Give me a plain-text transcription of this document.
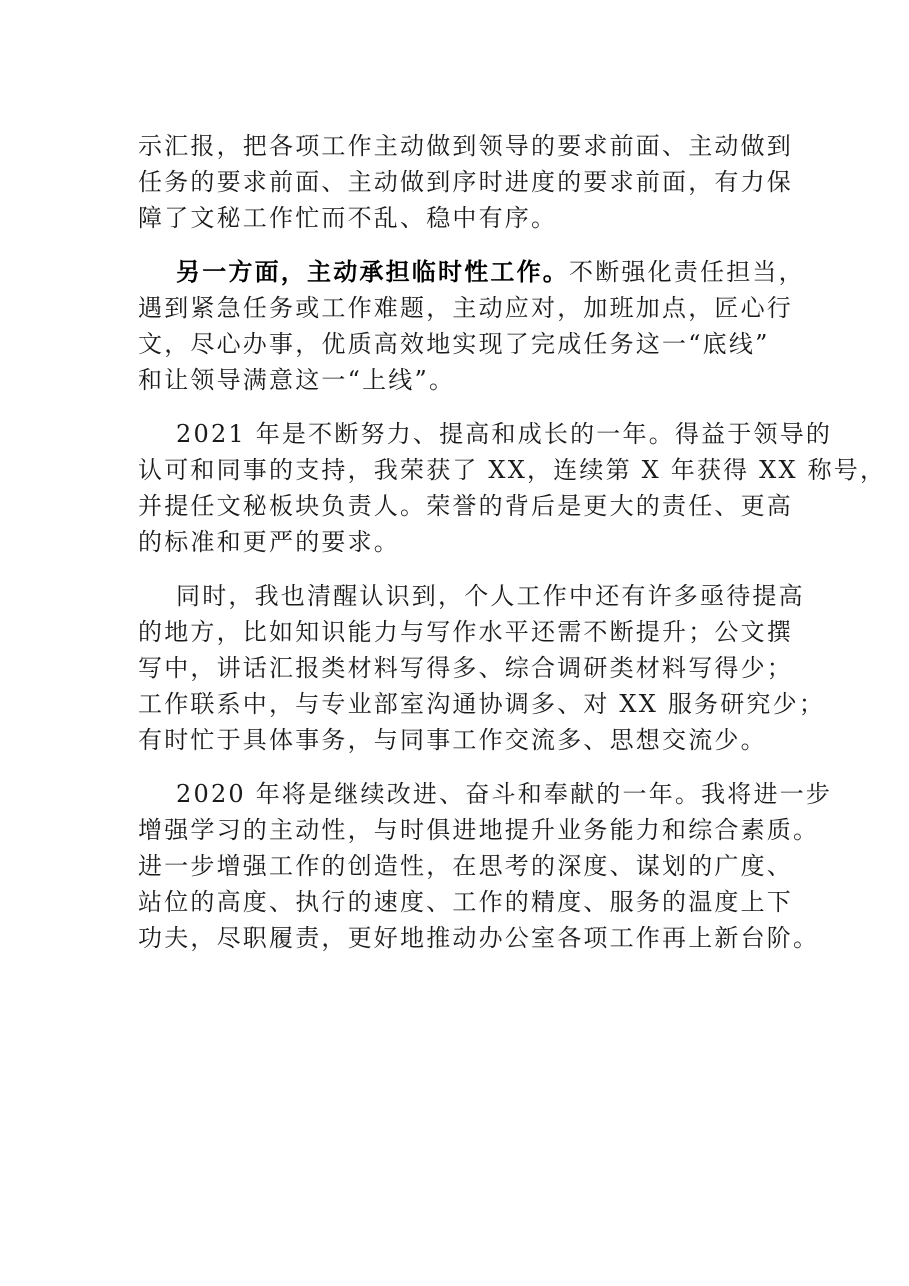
示汇报，把各项工作主动做到领导的要求前面、主动做到
任务的要求前面、主动做到序时进度的要求前面，有力保
障了文秘工作忙而不乱、稳中有序。

另一方面，主动承担临时性工作。不断强化责任担当，
遇到紧急任务或工作难题，主动应对，加班加点，匠心行
文，尽心办事，优质高效地实现了完成任务这一“底线”
和让领导满意这一“上线”。

2021 年是不断努力、提高和成长的一年。得益于领导的
认可和同事的支持，我荣获了 XX，连续第 X 年获得 XX 称号，
并提任文秘板块负责人。荣誉的背后是更大的责任、更高
的标准和更严的要求。

同时，我也清醒认识到，个人工作中还有许多亟待提高
的地方，比如知识能力与写作水平还需不断提升；公文撰
写中，讲话汇报类材料写得多、综合调研类材料写得少；
工作联系中，与专业部室沟通协调多、对 XX 服务研究少；
有时忙于具体事务，与同事工作交流多、思想交流少。

2020 年将是继续改进、奋斗和奉献的一年。我将进一步
增强学习的主动性，与时俱进地提升业务能力和综合素质。
进一步增强工作的创造性，在思考的深度、谋划的广度、
站位的高度、执行的速度、工作的精度、服务的温度上下
功夫，尽职履责，更好地推动办公室各项工作再上新台阶。
